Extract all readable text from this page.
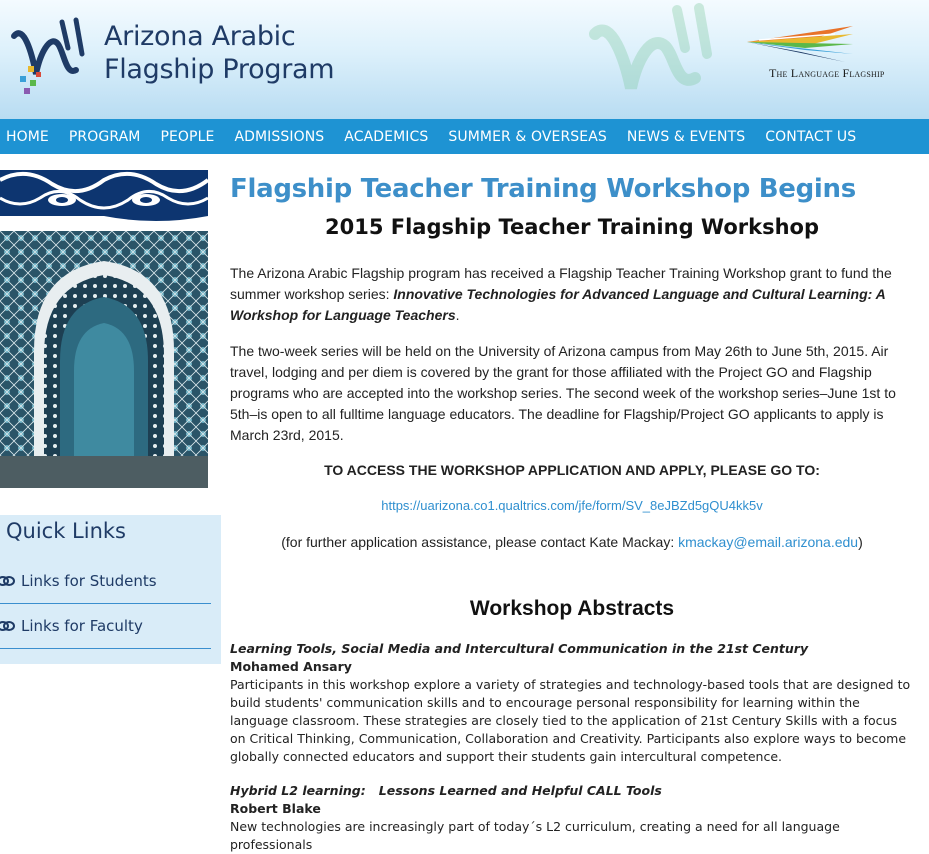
Arizona Arabic
Flagship Program	The Language Flagship
HOME PROGRAM PEOPLE ADMISSIONS ACADEMICS SUMMER & OVERSEAS NEWS & EVENTS CONTACT US
Quick Links
Links for Students
Links for Faculty
Flagship Teacher Training Workshop Begins
2015 Flagship Teacher Training Workshop

The Arizona Arabic Flagship program has received a Flagship Teacher Training Workshop grant to fund the summer workshop series: Innovative Technologies for Advanced Language and Cultural Learning: A Workshop for Language Teachers.

The two-week series will be held on the University of Arizona campus from May 26th to June 5th, 2015. Air travel, lodging and per diem is covered by the grant for those affiliated with the Project GO and Flagship programs who are accepted into the workshop series. The second week of the workshop series–June 1st to 5th–is open to all fulltime language educators. The deadline for Flagship/Project GO applicants to apply is March 23rd, 2015.

TO ACCESS THE WORKSHOP APPLICATION AND APPLY, PLEASE GO TO:
https://uarizona.co1.qualtrics.com/jfe/form/SV_8eJBZd5gQU4kk5v
(for further application assistance, please contact Kate Mackay: kmackay@email.arizona.edu)
Workshop Abstracts
Learning Tools, Social Media and Intercultural Communication in the 21st Century
Mohamed Ansary
Participants in this workshop explore a variety of strategies and technology-based tools that are designed to build students' communication skills and to encourage personal responsibility for learning within the language classroom. These strategies are closely tied to the application of 21st Century Skills with a focus on Critical Thinking, Communication, Collaboration and Creativity. Participants also explore ways to become globally connected educators and support their students gain intercultural competence.
Hybrid L2 learning:   Lessons Learned and Helpful CALL Tools
Robert Blake
New technologies are increasingly part of today´s L2 curriculum, creating a need for all language professionals
